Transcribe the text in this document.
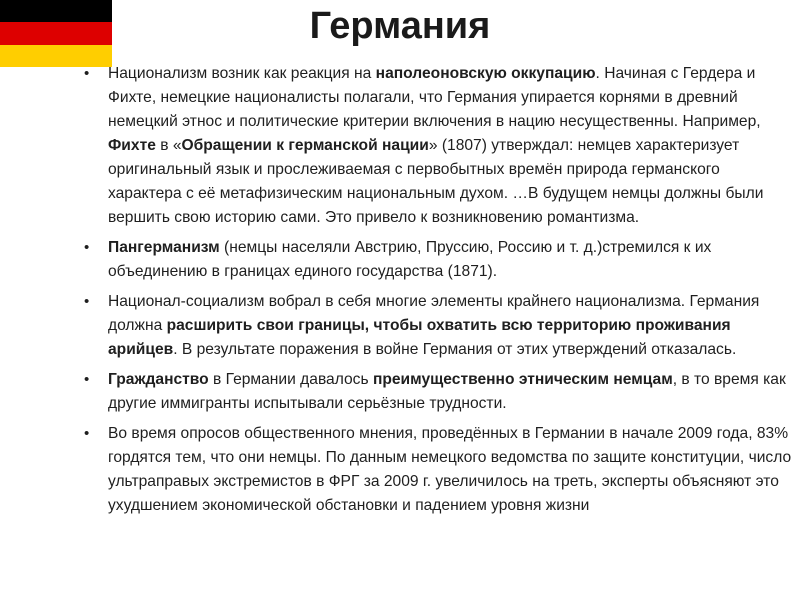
Германия
• Национализм возник как реакция на наполеоновскую оккупацию. Начиная с Гердера и Фихте, немецкие националисты полагали, что Германия упирается корнями в древний немецкий этнос и политические критерии включения в нацию несущественны. Например, Фихте в «Обращении к германской нации» (1807) утверждал: немцев характеризует оригинальный язык и прослеживаемая с первобытных времён природа германского характера с её метафизическим национальным духом. …В будущем немцы должны были вершить свою историю сами. Это привело к возникновению романтизма.
• Пангерманизм (немцы населяли Австрию, Пруссию, Россию и т. д.)стремился к их объединению в границах единого государства (1871).
• Национал-социализм вобрал в себя многие элементы крайнего национализма. Германия должна расширить свои границы, чтобы охватить всю территорию проживания арийцев. В результате поражения в войне Германия от этих утверждений отказалась.
• Гражданство в Германии давалось преимущественно этническим немцам, в то время как другие иммигранты испытывали серьёзные трудности.
• Во время опросов общественного мнения, проведённых в Германии в начале 2009 года, 83% гордятся тем, что они немцы. По данным немецкого ведомства по защите конституции, число ультраправых экстремистов в ФРГ за 2009 г. увеличилось на треть, эксперты объясняют это ухудшением экономической обстановки и падением уровня жизни
